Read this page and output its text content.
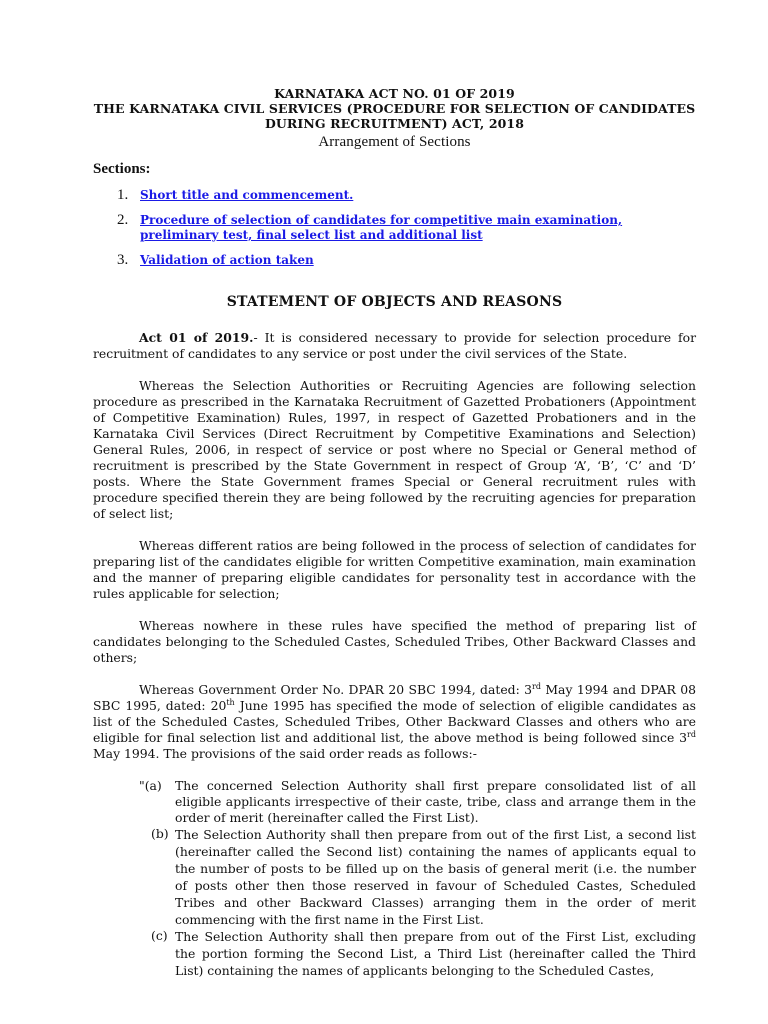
KARNATAKA ACT NO. 01 OF 2019
THE KARNATAKA CIVIL SERVICES (PROCEDURE FOR SELECTION OF CANDIDATES
DURING RECRUITMENT) ACT, 2018
Arrangement of Sections
Sections:
1. Short title and commencement.
2. Procedure of selection of candidates for competitive main examination, preliminary test, final select list and additional list
3. Validation of action taken
STATEMENT OF OBJECTS AND REASONS

Act 01 of 2019.- It is considered necessary to provide for selection procedure for recruitment of candidates to any service or post under the civil services of the State.

Whereas the Selection Authorities or Recruiting Agencies are following selection procedure as prescribed in the Karnataka Recruitment of Gazetted Probationers (Appointment of Competitive Examination) Rules, 1997, in respect of Gazetted Probationers and in the Karnataka Civil Services (Direct Recruitment by Competitive Examinations and Selection) General Rules, 2006, in respect of service or post where no Special or General method of recruitment is prescribed by the State Government in respect of Group ‘A’, ‘B’, ‘C’ and ‘D’ posts. Where the State Government frames Special or General recruitment rules with procedure specified therein they are being followed by the recruiting agencies for preparation of select list;

Whereas different ratios are being followed in the process of selection of candidates for preparing list of the candidates eligible for written Competitive examination, main examination and the manner of preparing eligible candidates for personality test in accordance with the rules applicable for selection;

Whereas nowhere in these rules have specified the method of preparing list of candidates belonging to the Scheduled Castes, Scheduled Tribes, Other Backward Classes and others;

Whereas Government Order No. DPAR 20 SBC 1994, dated: 3rd May 1994 and DPAR 08 SBC 1995, dated: 20th June 1995 has specified the mode of selection of eligible candidates as list of the Scheduled Castes, Scheduled Tribes, Other Backward Classes and others who are eligible for final selection list and additional list, the above method is being followed since 3rd May 1994. The provisions of the said order reads as follows:-

"(a)	The concerned Selection Authority shall first prepare consolidated list of all eligible applicants irrespective of their caste, tribe, class and arrange them in the order of merit (hereinafter called the First List).
(b) The Selection Authority shall then prepare from out of the first List, a second list (hereinafter called the Second list) containing the names of applicants equal to the number of posts to be filled up on the basis of general merit (i.e. the number of posts other then those reserved in favour of Scheduled Castes, Scheduled Tribes and other Backward Classes) arranging them in the order of merit commencing with the first name in the First List.
(c) The Selection Authority shall then prepare from out of the First List, excluding the portion forming the Second List, a Third List (hereinafter called the Third List) containing the names of applicants belonging to the Scheduled Castes,
